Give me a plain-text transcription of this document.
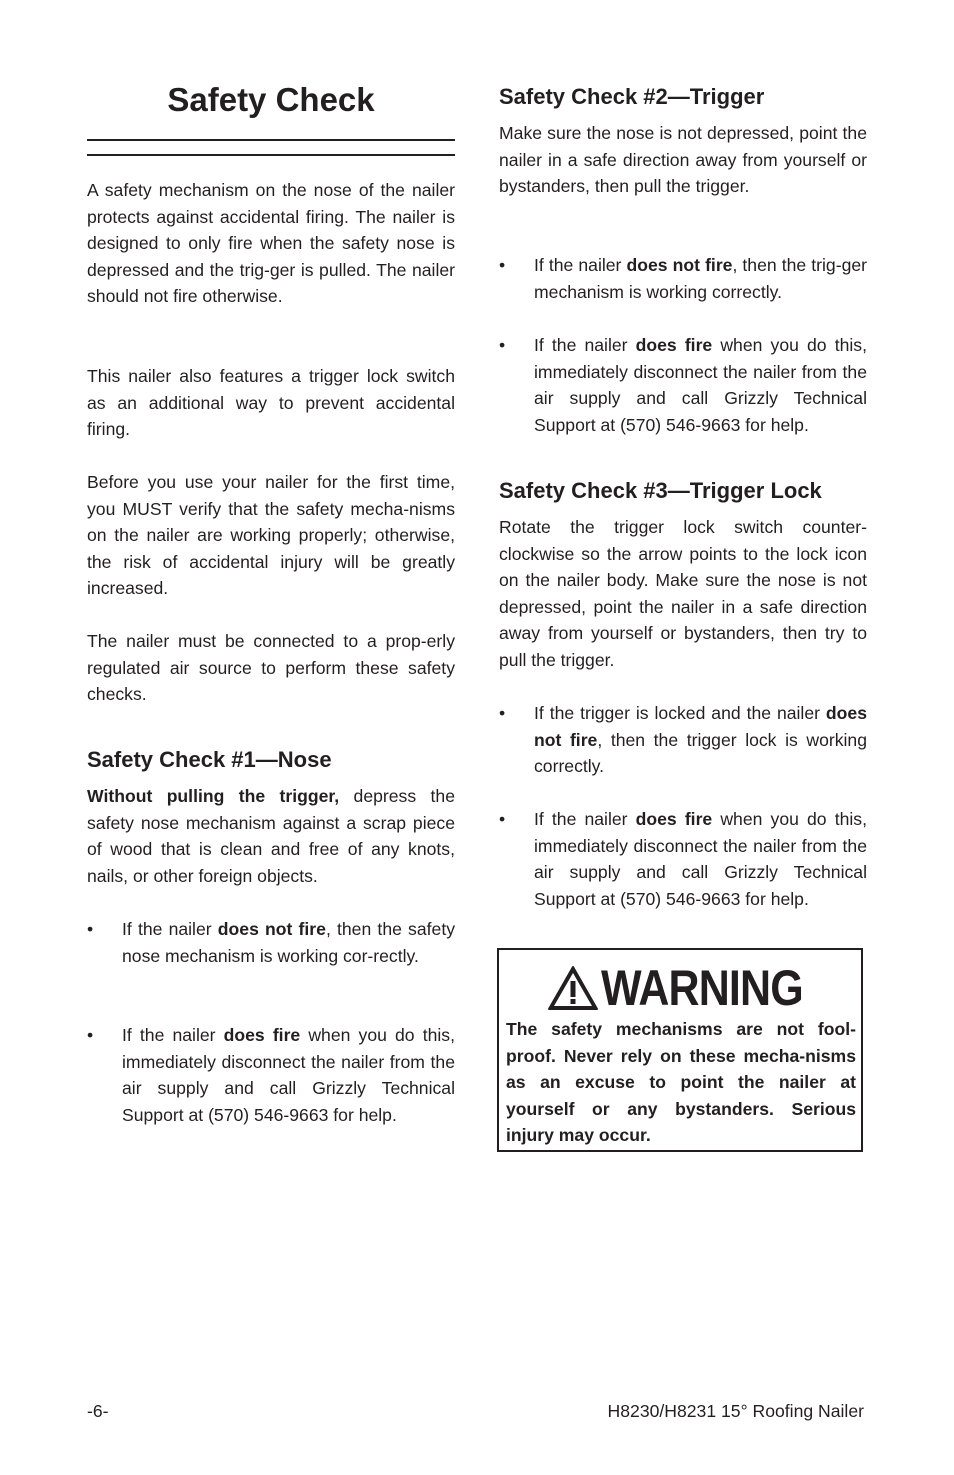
Safety Check

A safety mechanism on the nose of the nailer protects against accidental firing. The nailer is designed to only fire when the safety nose is depressed and the trig-ger is pulled. The nailer should not fire otherwise.

This nailer also features a trigger lock switch as an additional way to prevent accidental firing.

Before you use your nailer for the first time, you MUST verify that the safety mecha-nisms on the nailer are working properly; otherwise, the risk of accidental injury will be greatly increased.

The nailer must be connected to a prop-erly regulated air source to perform these safety checks.

Safety Check #1—Nose

Without pulling the trigger, depress the safety nose mechanism against a scrap piece of wood that is clean and free of any knots, nails, or other foreign objects.

• If the nailer does not fire, then the safety nose mechanism is working cor-rectly.

• If the nailer does fire when you do this, immediately disconnect the nailer from the air supply and call Grizzly Technical Support at (570) 546-9663 for help.

Safety Check #2—Trigger

Make sure the nose is not depressed, point the nailer in a safe direction away from yourself or bystanders, then pull the trigger.

• If the nailer does not fire, then the trig-ger mechanism is working correctly.

• If the nailer does fire when you do this, immediately disconnect the nailer from the air supply and call Grizzly Technical Support at (570) 546-9663 for help.

Safety Check #3—Trigger Lock

Rotate the trigger lock switch counter-clockwise so the arrow points to the lock icon on the nailer body. Make sure the nose is not depressed, point the nailer in a safe direction away from yourself or bystanders, then try to pull the trigger.

• If the trigger is locked and the nailer does not fire, then the trigger lock is working correctly.

• If the nailer does fire when you do this, immediately disconnect the nailer from the air supply and call Grizzly Technical Support at (570) 546-9663 for help.

WARNING
The safety mechanisms are not fool-proof. Never rely on these mecha-nisms as an excuse to point the nailer at yourself or any bystanders. Serious injury may occur.
-6-	H8230/H8231 15° Roofing Nailer
